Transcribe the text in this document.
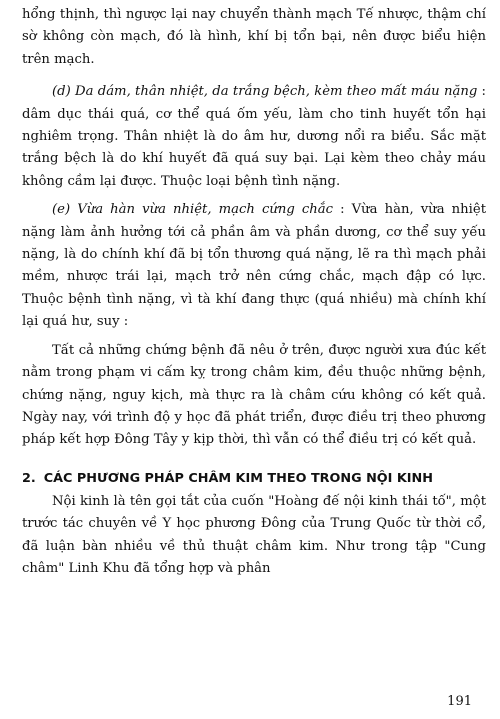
hổng thịnh, thì ngược lại nay chuyển thành mạch Tế nhược, thậm chí sờ không còn mạch, đó là hình, khí bị tổn bại, nên được biểu hiện trên mạch.

(d) Da dám, thân nhiệt, da trắng bệch, kèm theo mất máu nặng : dâm dục thái quá, cơ thể quá ốm yếu, làm cho tinh huyết tổn hại nghiêm trọng. Thân nhiệt là do âm hư, dương nổi ra biểu. Sắc mặt trắng bệch là do khí huyết đã quá suy bại. Lại kèm theo chảy máu không cầm lại được. Thuộc loại bệnh tình nặng.

(e) Vừa hàn vừa nhiệt, mạch cứng chắc : Vừa hàn, vừa nhiệt nặng làm ảnh hưởng tới cả phần âm và phần dương, cơ thể suy yếu nặng, là do chính khí đã bị tổn thương quá nặng, lẽ ra thì mạch phải mềm, nhược trái lại, mạch trở nên cứng chắc, mạch đập có lực. Thuộc bệnh tình nặng, vì tà khí đang thực (quá nhiều) mà chính khí lại quá hư, suy :

Tất cả những chứng bệnh đã nêu ở trên, được người xưa đúc kết nằm trong phạm vi cấm kỵ trong châm kim, đều thuộc những bệnh, chứng nặng, nguy kịch, mà thực ra là châm cứu không có kết quả. Ngày nay, với trình độ y học đã phát triển, được điều trị theo phương pháp kết hợp Đông Tây y kịp thời, thì vẫn có thể điều trị có kết quả.

2. CÁC PHƯƠNG PHÁP CHÂM KIM THEO TRONG NỘI KINH

Nội kinh là tên gọi tắt của cuốn "Hoàng đế nội kinh thái tố", một trước tác chuyên về Y học phương Đông của Trung Quốc từ thời cổ, đã luận bàn nhiều về thủ thuật châm kim. Như trong tập "Cung châm" Linh Khu đã tổng hợp và phân

191
